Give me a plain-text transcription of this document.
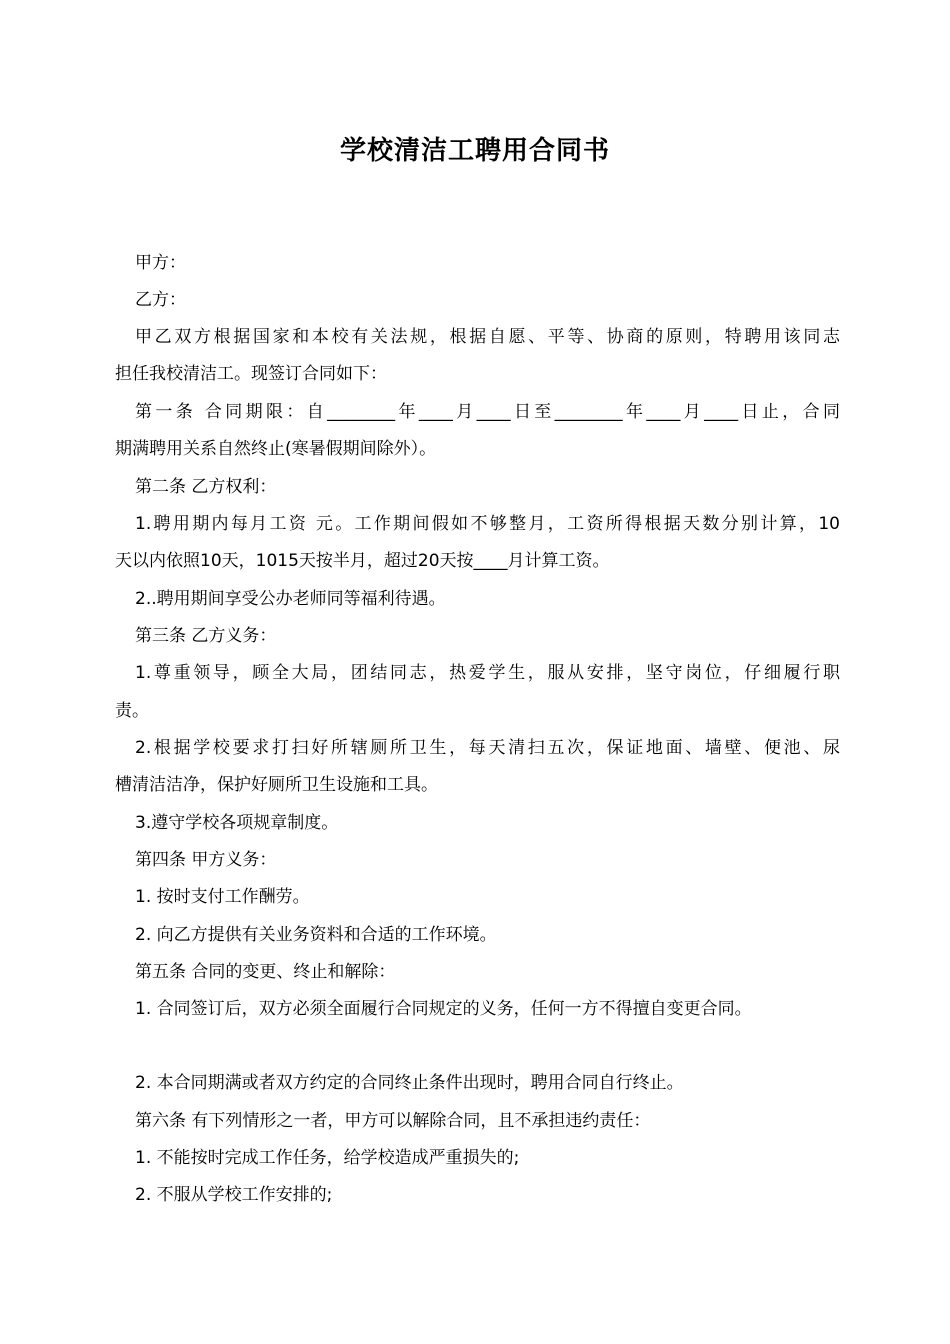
学校清洁工聘用合同书

甲方：

乙方：

甲乙双方根据国家和本校有关法规，根据自愿、平等、协商的原则，特聘用该同志

担任我校清洁工。现签订合同如下：

第一条 合同期限：自________年____月____日至________年____月____日止，合同

期满聘用关系自然终止(寒暑假期间除外）。

第二条 乙方权利：

1.聘用期内每月工资 元。工作期间假如不够整月，工资所得根据天数分别计算，10

天以内依照10天，1015天按半月，超过20天按____月计算工资。

2..聘用期间享受公办老师同等福利待遇。

第三条 乙方义务：

1.尊重领导，顾全大局，团结同志，热爱学生，服从安排，坚守岗位，仔细履行职

责。

2.根据学校要求打扫好所辖厕所卫生，每天清扫五次，保证地面、墙壁、便池、尿

槽清洁洁净，保护好厕所卫生设施和工具。

3.遵守学校各项规章制度。

第四条 甲方义务：

1. 按时支付工作酬劳。

2. 向乙方提供有关业务资料和合适的工作环境。

第五条 合同的变更、终止和解除：

1. 合同签订后，双方必须全面履行合同规定的义务，任何一方不得擅自变更合同。

2. 本合同期满或者双方约定的合同终止条件出现时，聘用合同自行终止。

第六条 有下列情形之一者，甲方可以解除合同，且不承担违约责任：

1. 不能按时完成工作任务，给学校造成严重损失的;

2. 不服从学校工作安排的;
